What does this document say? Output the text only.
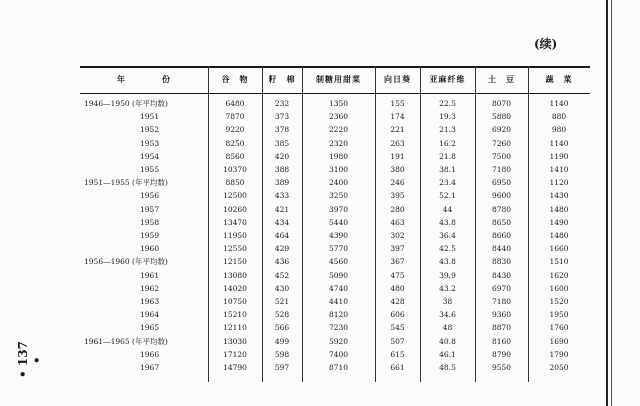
(续)
• 137 •
年　　　　份	谷　物	籽　棉	制糖用甜菜	向日葵	亚麻纤维	土　豆	蔬　菜
1946—1950 (年平均数)	6480	232	1350	155	22.5	8070	1140
1951	7870	373	2360	174	19.3	5880	880
1952	9220	378	2220	221	21.3	6920	980
1953	8250	385	2320	263	16.2	7260	1140
1954	8560	420	1980	191	21.8	7500	1190
1955	10370	388	3100	380	38.1	7180	1410
1951—1955 (年平均数)	8850	389	2400	246	23.4	6950	1120
1956	12500	433	3250	395	52.1	9600	1430
1957	10260	421	3970	280	44	8780	1480
1958	13470	434	5440	463	43.8	8650	1490
1959	11950	464	4390	302	36.4	8660	1480
1960	12550	429	5770	397	42.5	8440	1660
1956—1960 (年平均数)	12150	436	4560	367	43.8	8830	1510
1961	13080	452	5090	475	39.9	8430	1620
1962	14020	430	4740	480	43.2	6970	1600
1963	10750	521	4410	428	38	7180	1520
1964	15210	528	8120	606	34.6	9360	1950
1965	12110	566	7230	545	48	8870	1760
1961—1965 (年平均数)	13030	499	5920	507	40.8	8160	1690
1966	17120	598	7400	615	46.1	8790	1790
1967	14790	597	8710	661	48.5	9550	2050
